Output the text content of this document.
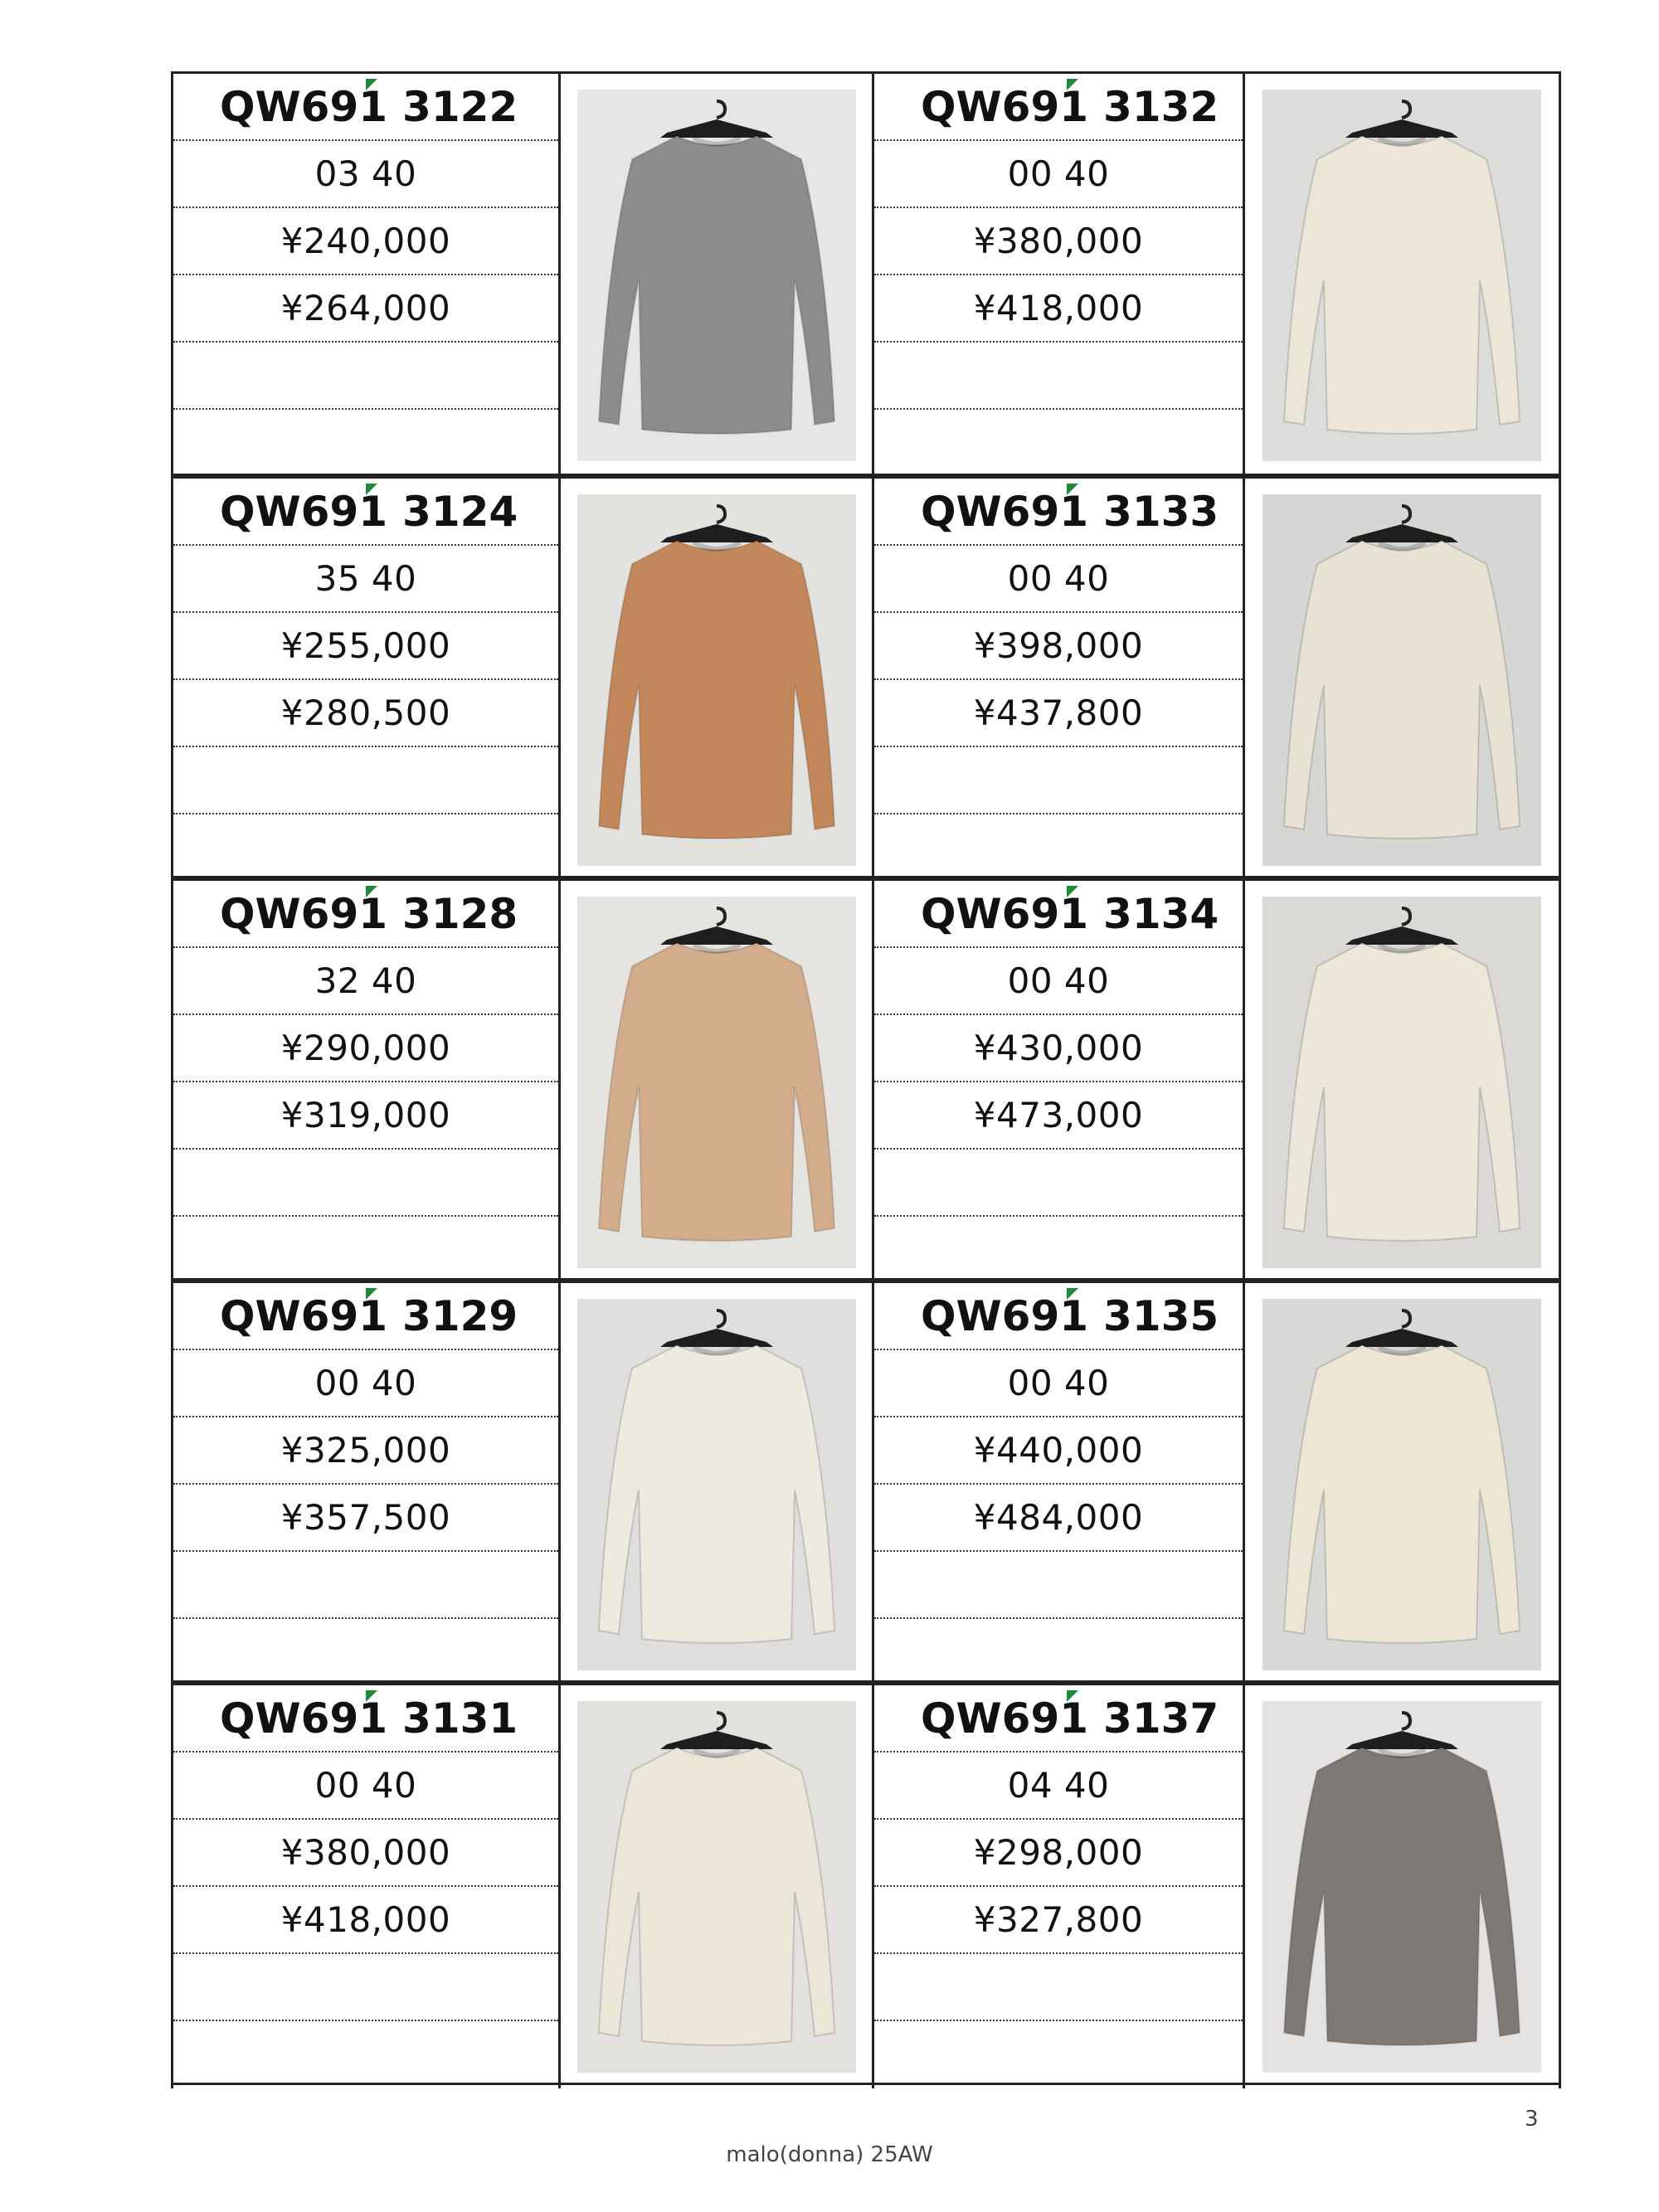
QW691 3122
03 40
¥240,000
¥264,000
QW691 3132
00 40
¥380,000
¥418,000
QW691 3124
35 40
¥255,000
¥280,500
QW691 3133
00 40
¥398,000
¥437,800
QW691 3128
32 40
¥290,000
¥319,000
QW691 3134
00 40
¥430,000
¥473,000
QW691 3129
00 40
¥325,000
¥357,500
QW691 3135
00 40
¥440,000
¥484,000
QW691 3131
00 40
¥380,000
¥418,000
QW691 3137
04 40
¥298,000
¥327,800
3
malo(donna) 25AW
